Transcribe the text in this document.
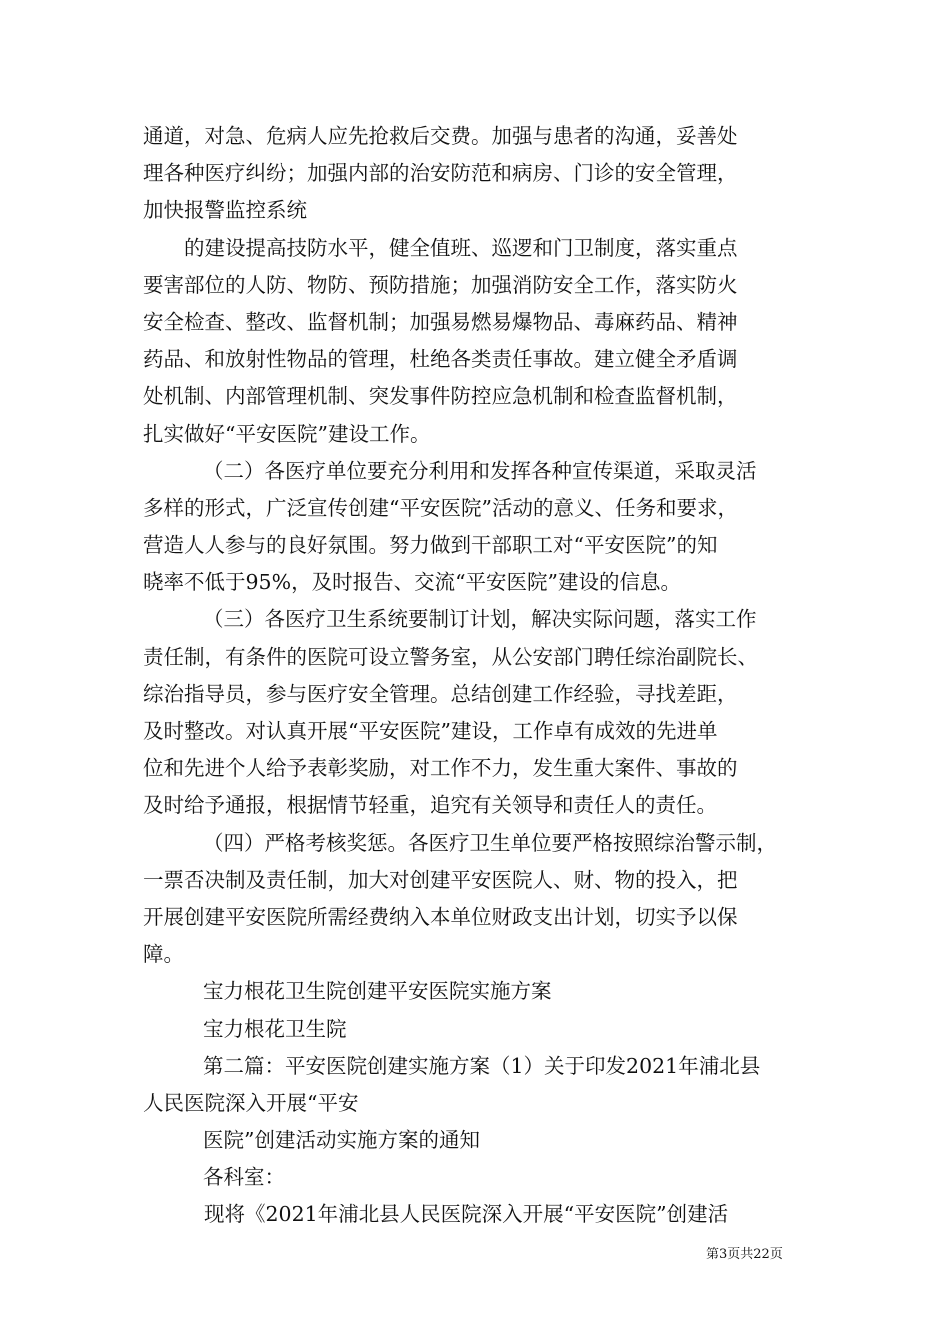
通道，对急、危病人应先抢救后交费。加强与患者的沟通，妥善处
理各种医疗纠纷；加强内部的治安防范和病房、门诊的安全管理，
加快报警监控系统
的建设提高技防水平，健全值班、巡逻和门卫制度，落实重点
要害部位的人防、物防、预防措施；加强消防安全工作，落实防火
安全检查、整改、监督机制；加强易燃易爆物品、毒麻药品、精神
药品、和放射性物品的管理，杜绝各类责任事故。建立健全矛盾调
处机制、内部管理机制、突发事件防控应急机制和检查监督机制，
扎实做好“平安医院”建设工作。
（二）各医疗单位要充分利用和发挥各种宣传渠道，采取灵活
多样的形式，广泛宣传创建“平安医院”活动的意义、任务和要求，
营造人人参与的良好氛围。努力做到干部职工对“平安医院”的知
晓率不低于95%，及时报告、交流“平安医院”建设的信息。
（三）各医疗卫生系统要制订计划，解决实际问题，落实工作
责任制，有条件的医院可设立警务室，从公安部门聘任综治副院长、
综治指导员，参与医疗安全管理。总结创建工作经验，寻找差距，
及时整改。对认真开展“平安医院”建设，工作卓有成效的先进单
位和先进个人给予表彰奖励，对工作不力，发生重大案件、事故的
及时给予通报，根据情节轻重，追究有关领导和责任人的责任。
（四）严格考核奖惩。各医疗卫生单位要严格按照综治警示制，
一票否决制及责任制，加大对创建平安医院人、财、物的投入，把
开展创建平安医院所需经费纳入本单位财政支出计划，切实予以保
障。
宝力根花卫生院创建平安医院实施方案
宝力根花卫生院
第二篇：平安医院创建实施方案（1）关于印发2021年浦北县
人民医院深入开展“平安
医院”创建活动实施方案的通知
各科室：
现将《2021年浦北县人民医院深入开展“平安医院”创建活
第3页共22页
